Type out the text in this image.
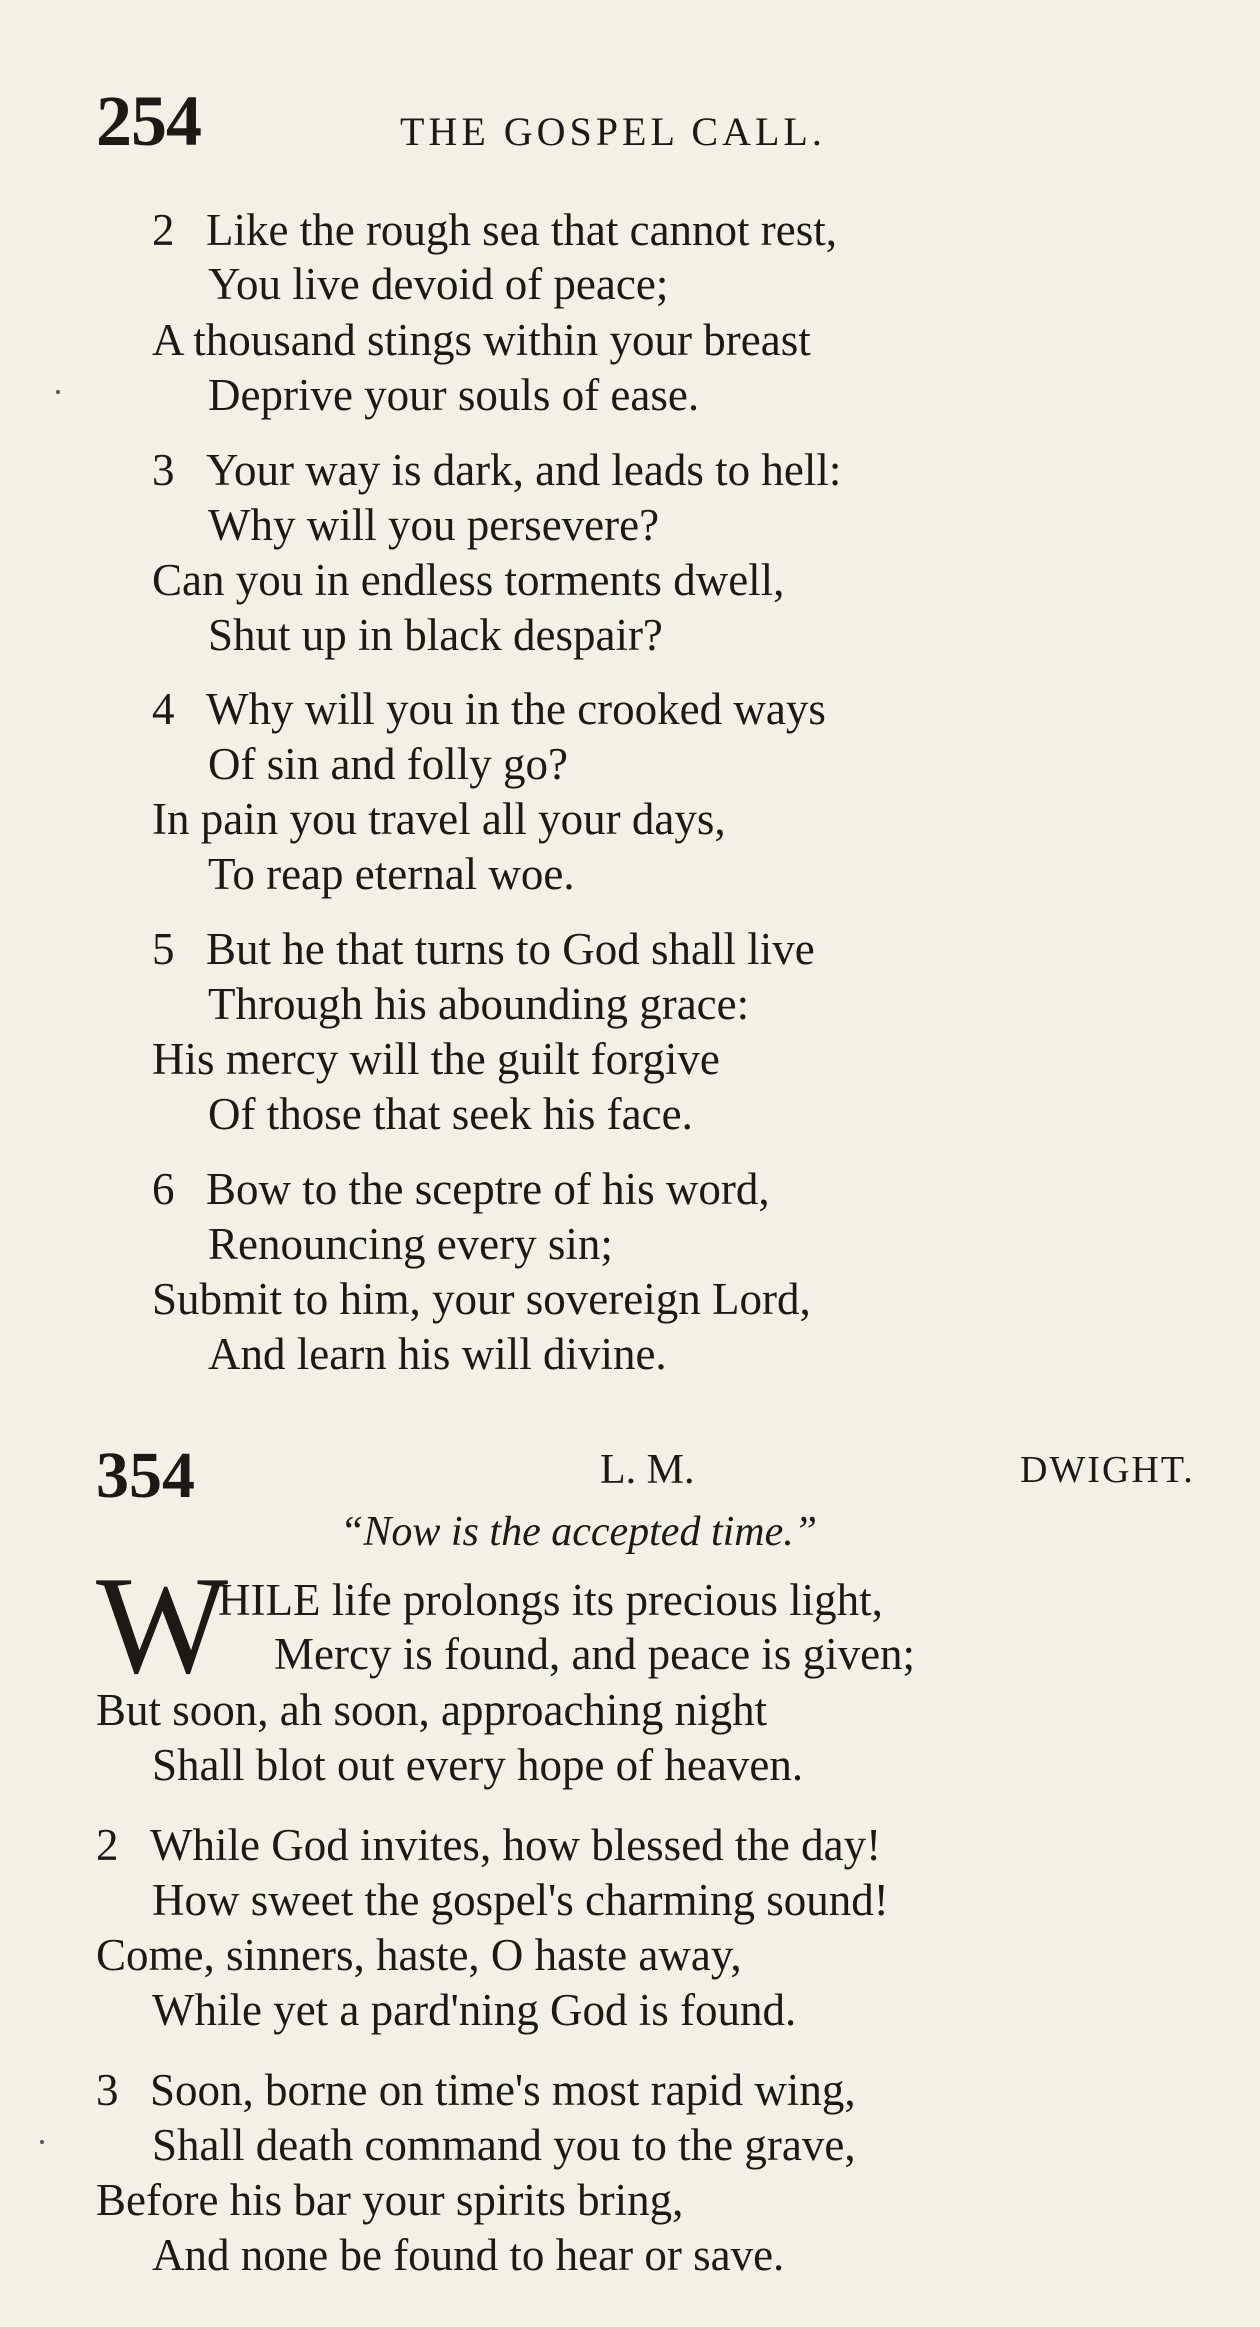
254	THE GOSPEL CALL.
2 Like the rough sea that cannot rest,
You live devoid of peace;
A thousand stings within your breast
Deprive your souls of ease.
3 Your way is dark, and leads to hell:
Why will you persevere?
Can you in endless torments dwell,
Shut up in black despair?
4 Why will you in the crooked ways
Of sin and folly go?
In pain you travel all your days,
To reap eternal woe.
5 But he that turns to God shall live
Through his abounding grace:
His mercy will the guilt forgive
Of those that seek his face.
6 Bow to the sceptre of his word,
Renouncing every sin;
Submit to him, your sovereign Lord,
And learn his will divine.
354	L. M.	DWIGHT.
“Now is the accepted time.”
W
HILE life prolongs its precious light,
Mercy is found, and peace is given;
But soon, ah soon, approaching night
Shall blot out every hope of heaven.
2 While God invites, how blessed the day!
How sweet the gospel's charming sound!
Come, sinners, haste, O haste away,
While yet a pard'ning God is found.
3 Soon, borne on time's most rapid wing,
Shall death command you to the grave,
Before his bar your spirits bring,
And none be found to hear or save.
